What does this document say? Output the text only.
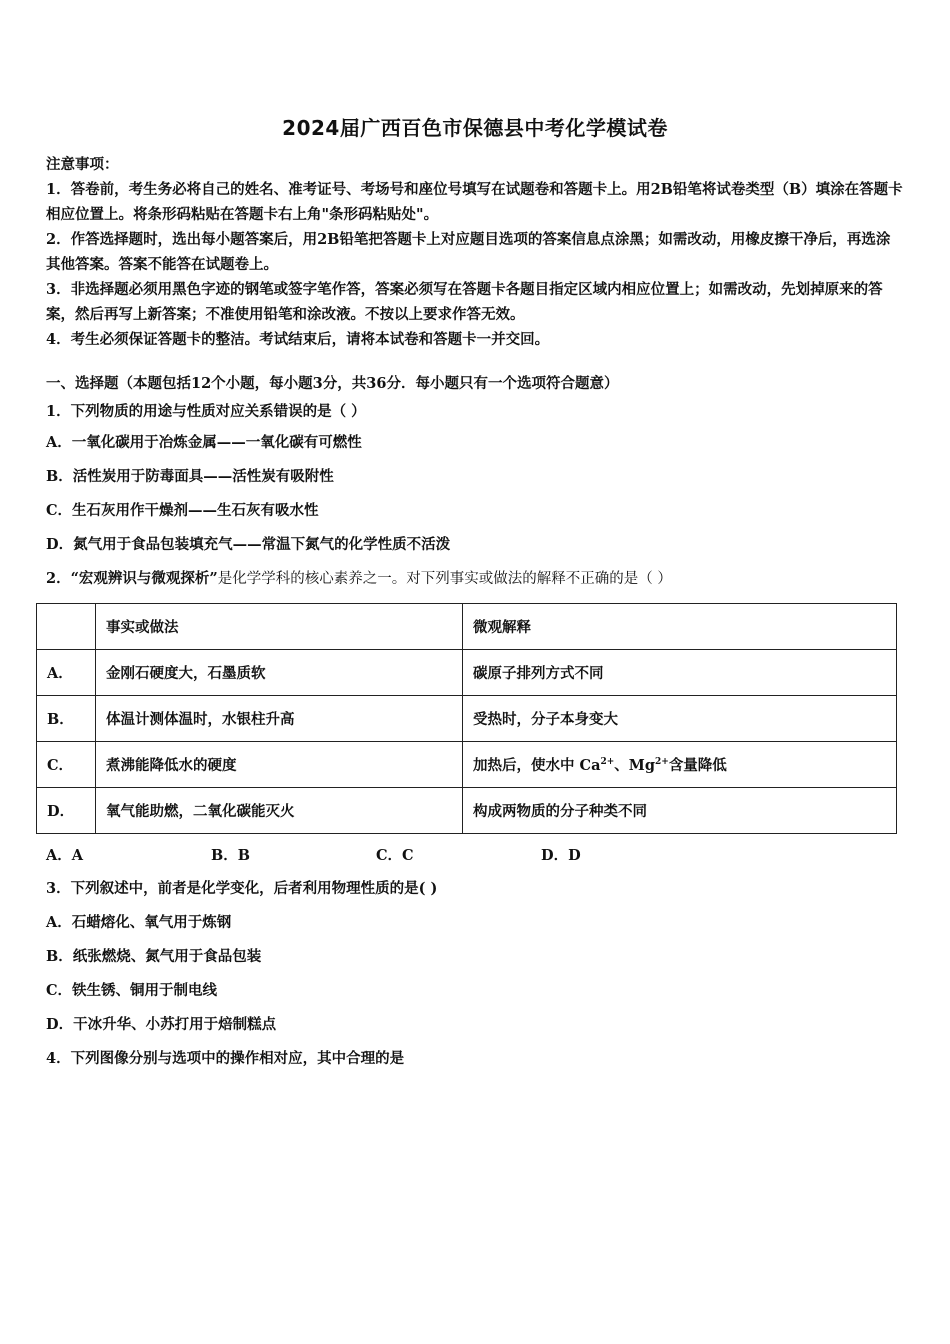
2024届广西百色市保德县中考化学模试卷

注意事项：

1．答卷前，考生务必将自己的姓名、准考证号、考场号和座位号填写在试题卷和答题卡上。用2B铅笔将试卷类型（B）填涂在答题卡相应位置上。将条形码粘贴在答题卡右上角"条形码粘贴处"。

2．作答选择题时，选出每小题答案后，用2B铅笔把答题卡上对应题目选项的答案信息点涂黑；如需改动，用橡皮擦干净后，再选涂其他答案。答案不能答在试题卷上。

3．非选择题必须用黑色字迹的钢笔或签字笔作答，答案必须写在答题卡各题目指定区域内相应位置上；如需改动，先划掉原来的答案，然后再写上新答案；不准使用铅笔和涂改液。不按以上要求作答无效。

4．考生必须保证答题卡的整洁。考试结束后，请将本试卷和答题卡一并交回。

一、选择题（本题包括12个小题，每小题3分，共36分．每小题只有一个选项符合题意）
1．下列物质的用途与性质对应关系错误的是（ ）
A．一氧化碳用于冶炼金属——一氧化碳有可燃性
B．活性炭用于防毒面具——活性炭有吸附性
C．生石灰用作干燥剂——生石灰有吸水性
D．氮气用于食品包装填充气——常温下氮气的化学性质不活泼
2．“宏观辨识与微观探析”是化学学科的核心素养之一。对下列事实或做法的解释不正确的是（ ）
	事实或做法	微观解释
A．	金刚石硬度大，石墨质软	碳原子排列方式不同
B．	体温计测体温时，水银柱升高	受热时，分子本身变大
C．	煮沸能降低水的硬度	加热后，使水中 $Ca^{2+}$、$Mg^{2+}$含量降低
D．	氧气能助燃，二氧化碳能灭火	构成两物质的分子种类不同
A．A	B．B	C．C	D．D
3．下列叙述中，前者是化学变化，后者利用物理性质的是( )
A．石蜡熔化、氧气用于炼钢
B．纸张燃烧、氮气用于食品包装
C．铁生锈、铜用于制电线
D．干冰升华、小苏打用于焙制糕点
4．下列图像分别与选项中的操作相对应，其中合理的是
